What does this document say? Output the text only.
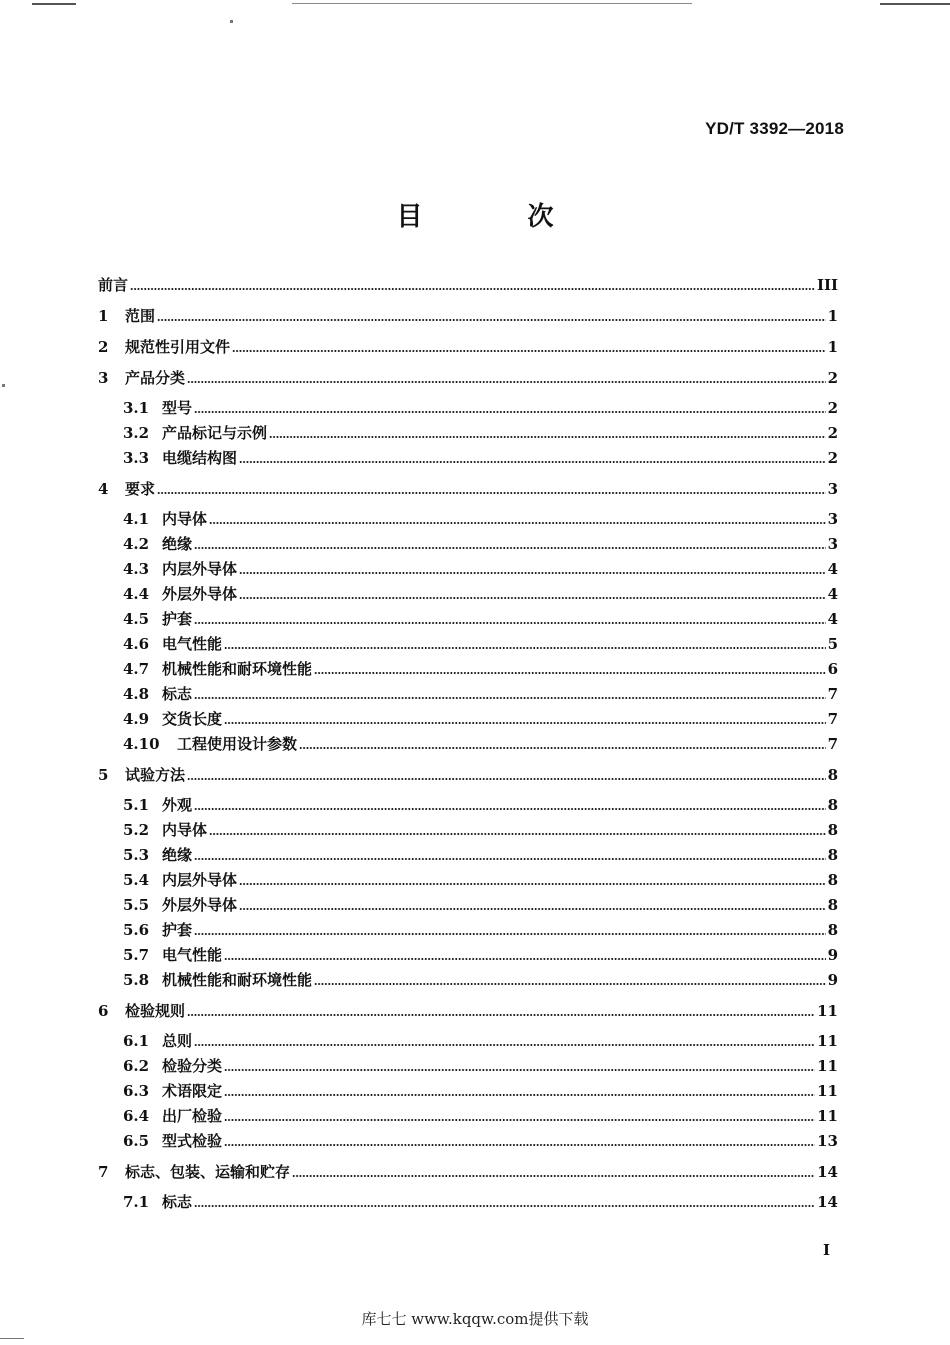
YD/T 3392—2018
目 次
前言	III
1	范围	1
2	规范性引用文件	1
3	产品分类	2
3.1 型号	2
3.2 产品标记与示例	2
3.3 电缆结构图	2
4	要求	3
4.1 内导体	3
4.2 绝缘	3
4.3 内层外导体	4
4.4 外层外导体	4
4.5 护套	4
4.6 电气性能	5
4.7 机械性能和耐环境性能	6
4.8 标志	7
4.9 交货长度	7
4.10	工程使用设计参数	7
5	试验方法	8
5.1 外观	8
5.2 内导体	8
5.3 绝缘	8
5.4 内层外导体	8
5.5 外层外导体	8
5.6 护套	8
5.7 电气性能	9
5.8 机械性能和耐环境性能	9
6	检验规则	11
6.1 总则	11
6.2 检验分类	11
6.3 术语限定	11
6.4 出厂检验	11
6.5 型式检验	13
7	标志、包装、运输和贮存	14
7.1 标志	14
I
库七七 www.kqqw.com提供下载
